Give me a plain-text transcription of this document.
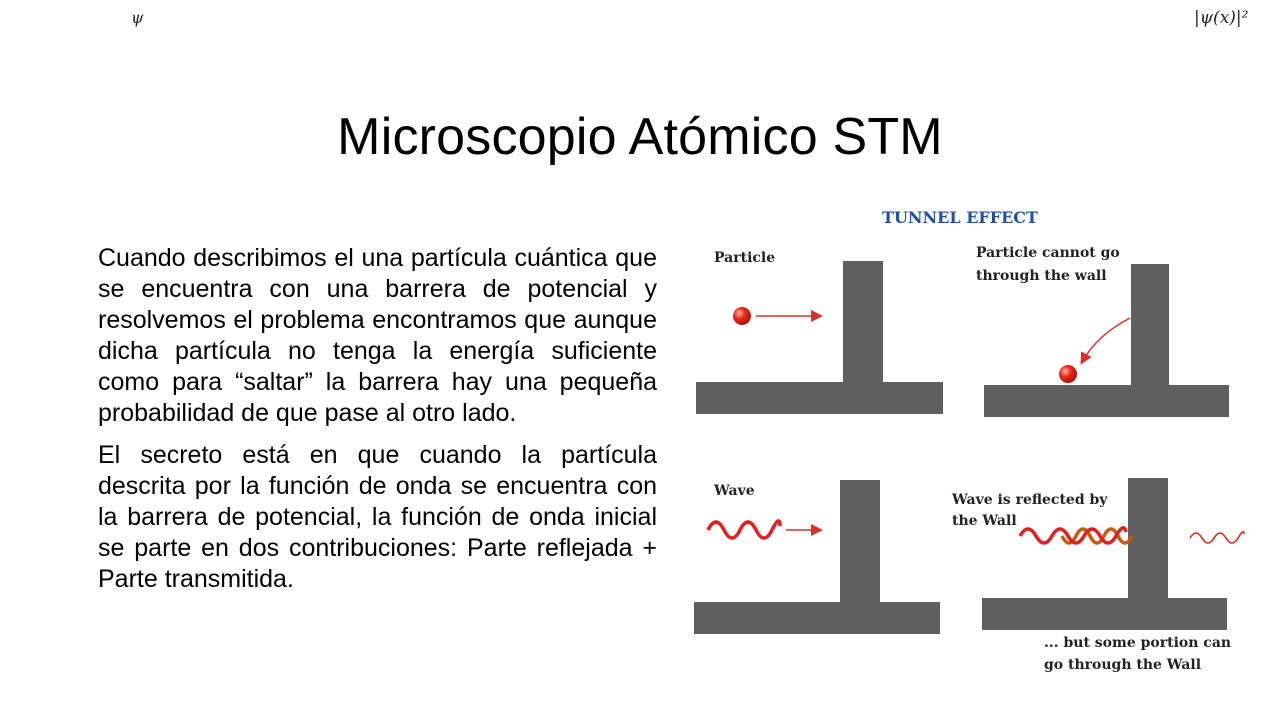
ψ	|ψ(x)|²
Microscopio Atómico STM

Cuando describimos el una partícula cuántica que se encuentra con una barrera de potencial y resolvemos el problema encontramos que aunque dicha partícula no tenga la energía suficiente como para “saltar” la barrera hay una pequeña probabilidad de que pase al otro lado.

El secreto está en que cuando la partícula descrita por la función de onda se encuentra con la barrera de potencial, la función de onda inicial se parte en dos contribuciones: Parte reflejada + Parte transmitida.

TUNNEL EFFECT
Particle	Particle cannot go
through the wall
Wave
Wave is reflected by
the Wall
... but some portion can
go through the Wall
